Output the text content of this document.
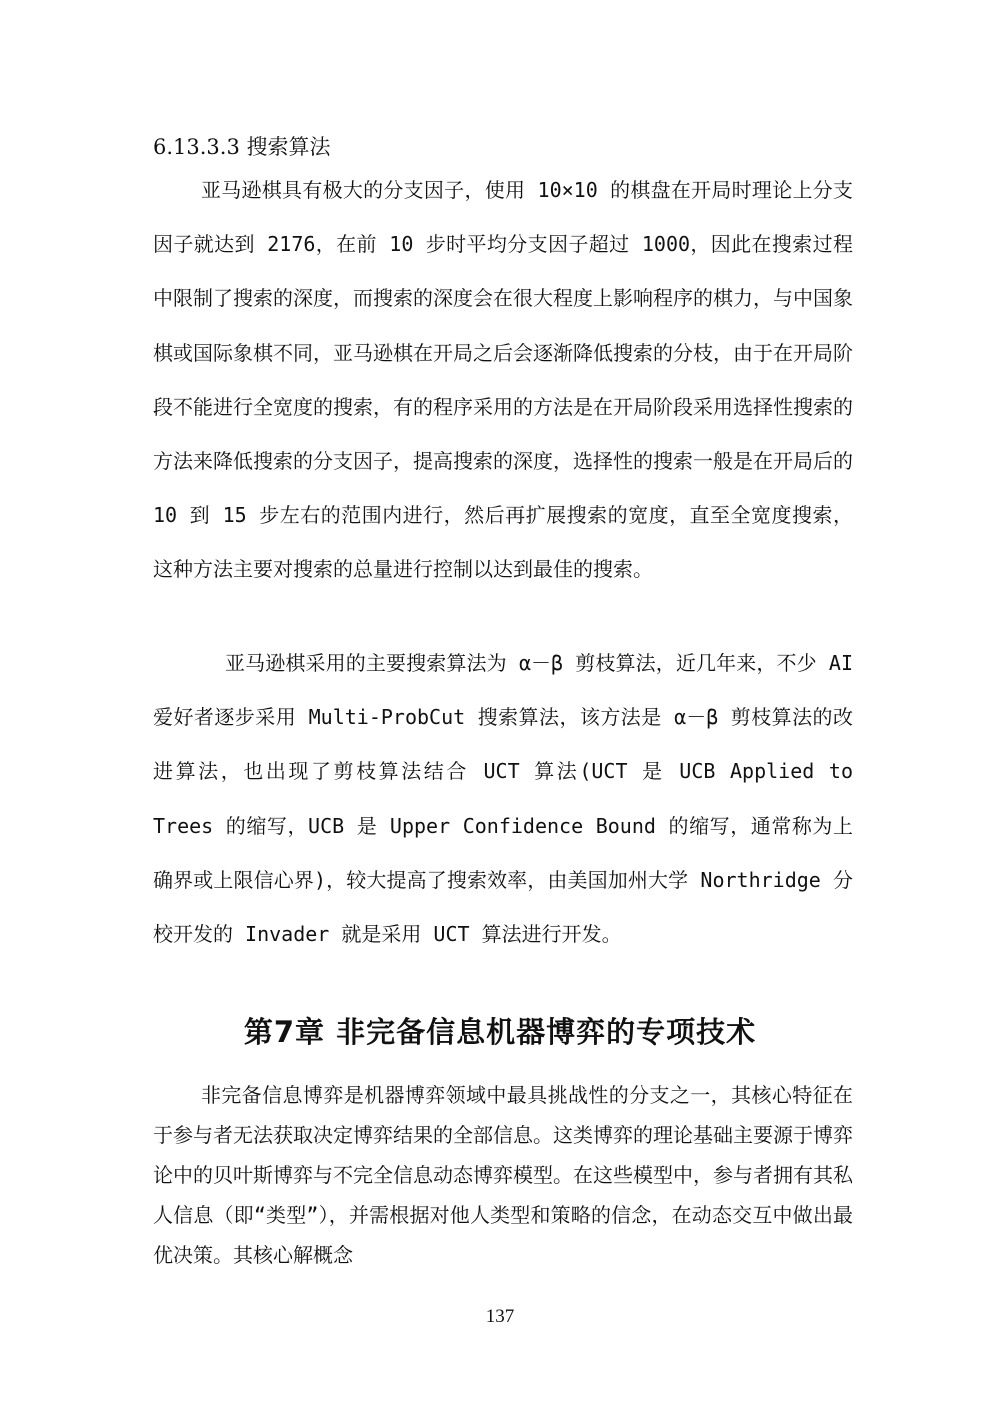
6.13.3.3 搜索算法
亚马逊棋具有极大的分支因子，使用 10×10 的棋盘在开局时理论上分支因子就达到 2176，在前 10 步时平均分支因子超过 1000，因此在搜索过程中限制了搜索的深度，而搜索的深度会在很大程度上影响程序的棋力，与中国象棋或国际象棋不同，亚马逊棋在开局之后会逐渐降低搜索的分枝，由于在开局阶段不能进行全宽度的搜索，有的程序采用的方法是在开局阶段采用选择性搜索的方法来降低搜索的分支因子，提高搜索的深度，选择性的搜索一般是在开局后的 10 到 15 步左右的范围内进行，然后再扩展搜索的宽度，直至全宽度搜索，这种方法主要对搜索的总量进行控制以达到最佳的搜索。
亚马逊棋采用的主要搜索算法为 α－β 剪枝算法，近几年来，不少 AI 爱好者逐步采用 Multi-ProbCut 搜索算法，该方法是 α－β 剪枝算法的改进算法，也出现了剪枝算法结合 UCT 算法(UCT 是 UCB Applied to Trees 的缩写，UCB 是 Upper Confidence Bound 的缩写，通常称为上确界或上限信心界)，较大提高了搜索效率，由美国加州大学 Northridge 分校开发的 Invader 就是采用 UCT 算法进行开发。
第7章 非完备信息机器博弈的专项技术
非完备信息博弈是机器博弈领域中最具挑战性的分支之一，其核心特征在于参与者无法获取决定博弈结果的全部信息。这类博弈的理论基础主要源于博弈论中的贝叶斯博弈与不完全信息动态博弈模型。在这些模型中，参与者拥有其私人信息（即“类型”），并需根据对他人类型和策略的信念，在动态交互中做出最优决策。其核心解概念
137
